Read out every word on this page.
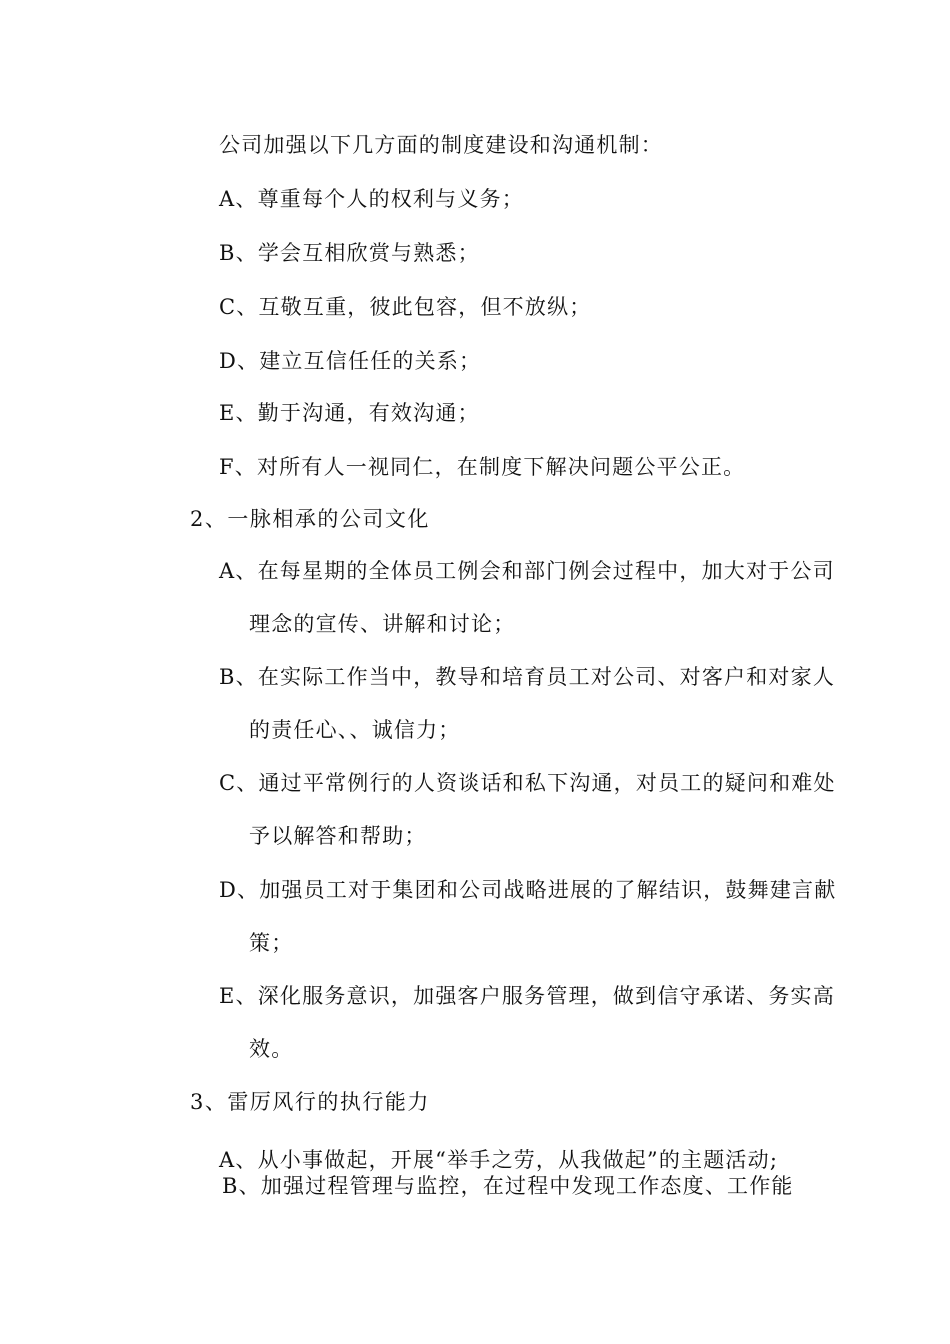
公司加强以下几方面的制度建设和沟通机制：
A、尊重每个人的权利与义务；
B、学会互相欣赏与熟悉；
C、互敬互重，彼此包容，但不放纵；
D、建立互信任任的关系；
E、勤于沟通，有效沟通；
F、对所有人一视同仁，在制度下解决问题公平公正。
2、一脉相承的公司文化
A、在每星期的全体员工例会和部门例会过程中，加大对于公司
理念的宣传、讲解和讨论；
B、在实际工作当中，教导和培育员工对公司、对客户和对家人
的责任心、、诚信力；
C、通过平常例行的人资谈话和私下沟通，对员工的疑问和难处
予以解答和帮助；
D、加强员工对于集团和公司战略进展的了解结识，鼓舞建言献
策；
E、深化服务意识，加强客户服务管理，做到信守承诺、务实高
效。
3、雷厉风行的执行能力
A、从小事做起，开展“举手之劳，从我做起”的主题活动;
B、加强过程管理与监控，在过程中发现工作态度、工作能
